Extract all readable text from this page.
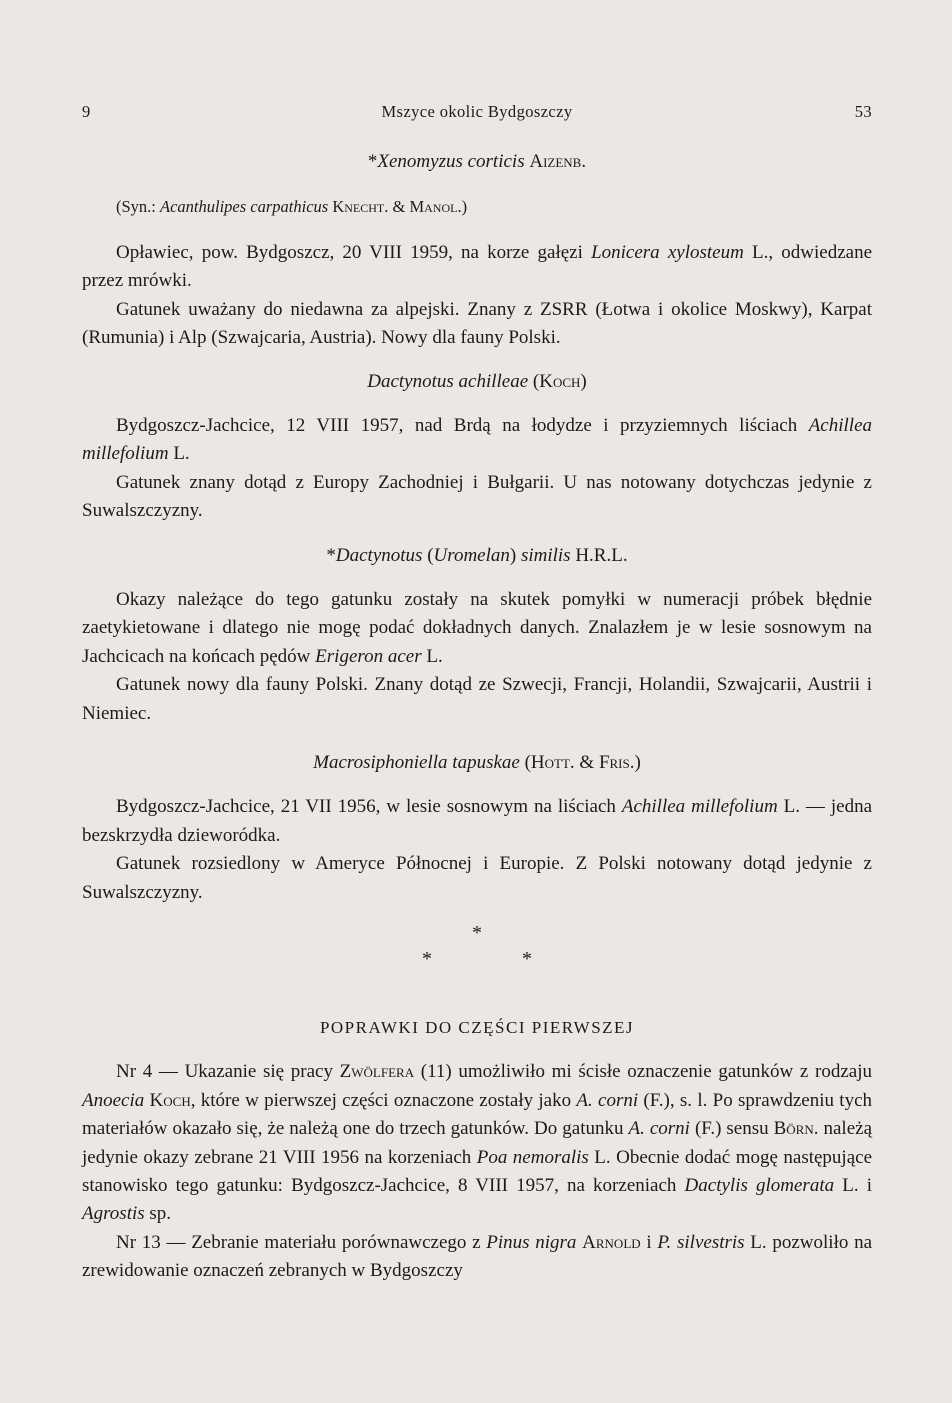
9	Mszyce okolic Bydgoszczy	53

*Xenomyzus corticis Aizenb.

(Syn.: Acanthulipes carpathicus Knecht. & Manol.)

Opławiec, pow. Bydgoszcz, 20 VIII 1959, na korze gałęzi Lonicera xylosteum L., odwiedzane przez mrówki.

Gatunek uważany do niedawna za alpejski. Znany z ZSRR (Łotwa i okolice Moskwy), Karpat (Rumunia) i Alp (Szwajcaria, Austria). Nowy dla fauny Polski.

Dactynotus achilleae (Koch)

Bydgoszcz-Jachcice, 12 VIII 1957, nad Brdą na łodydze i przyziemnych liściach Achillea millefolium L.

Gatunek znany dotąd z Europy Zachodniej i Bułgarii. U nas notowany dotychczas jedynie z Suwalszczyzny.

*Dactynotus (Uromelan) similis H.R.L.

Okazy należące do tego gatunku zostały na skutek pomyłki w numeracji próbek błędnie zaetykietowane i dlatego nie mogę podać dokładnych danych. Znalazłem je w lesie sosnowym na Jachcicach na końcach pędów Erigeron acer L.

Gatunek nowy dla fauny Polski. Znany dotąd ze Szwecji, Francji, Holandii, Szwajcarii, Austrii i Niemiec.

Macrosiphoniella tapuskae (Hott. & Fris.)

Bydgoszcz-Jachcice, 21 VII 1956, w lesie sosnowym na liściach Achillea millefolium L. — jedna bezskrzydła dzieworódka.

Gatunek rozsiedlony w Ameryce Północnej i Europie. Z Polski notowany dotąd jedynie z Suwalszczyzny.

*
*	*
POPRAWKI DO CZĘŚCI PIERWSZEJ

Nr 4 — Ukazanie się pracy Zwölfera (11) umożliwiło mi ścisłe oznaczenie gatunków z rodzaju Anoecia Koch, które w pierwszej części oznaczone zostały jako A. corni (F.), s. l. Po sprawdzeniu tych materiałów okazało się, że należą one do trzech gatunków. Do gatunku A. corni (F.) sensu Börn. należą jedynie okazy zebrane 21 VIII 1956 na korzeniach Poa nemoralis L. Obecnie dodać mogę następujące stanowisko tego gatunku: Bydgoszcz-Jachcice, 8 VIII 1957, na korzeniach Dactylis glomerata L. i Agrostis sp.

Nr 13 — Zebranie materiału porównawczego z Pinus nigra Arnold i P. silvestris L. pozwoliło na zrewidowanie oznaczeń zebranych w Bydgoszczy
